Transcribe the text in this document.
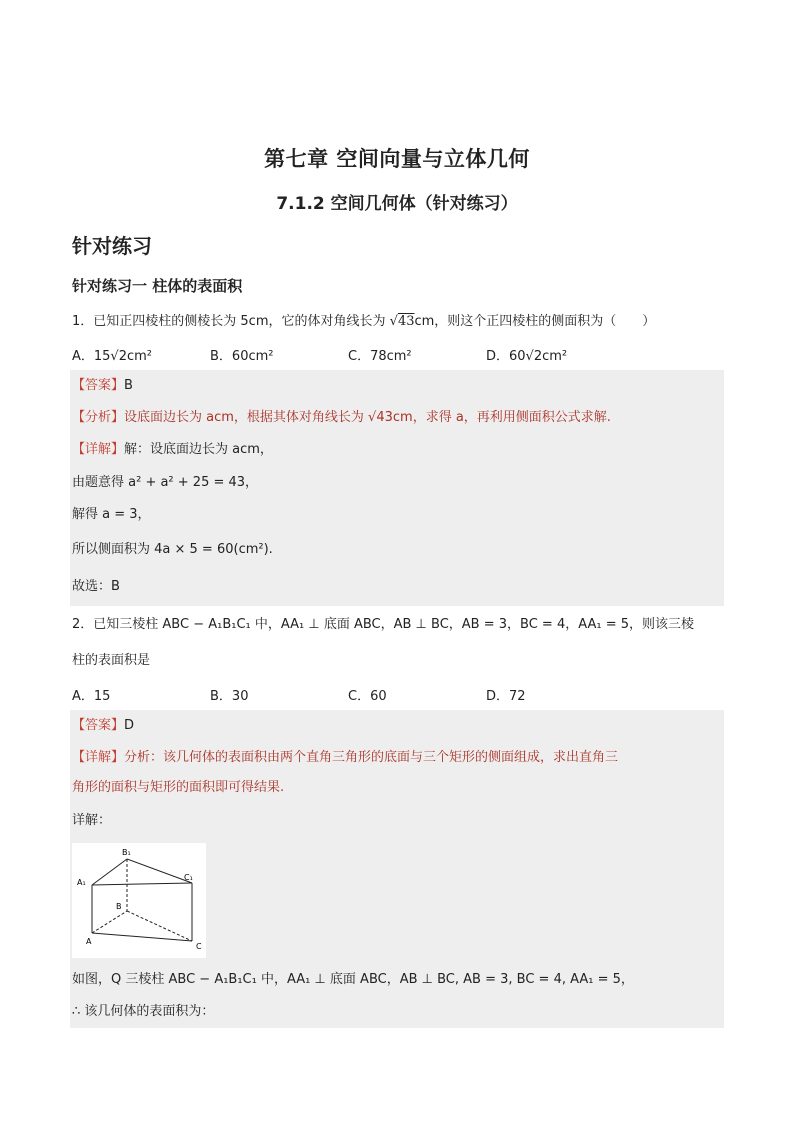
第七章 空间向量与立体几何
7.1.2 空间几何体（针对练习）
针对练习
针对练习一 柱体的表面积
1．已知正四棱柱的侧棱长为 5cm，它的体对角线长为 √43cm，则这个正四棱柱的侧面积为（　　）
A．15√2cm²	B．60cm²	C．78cm²	D．60√2cm²
【答案】B
【分析】设底面边长为 acm，根据其体对角线长为 √43cm，求得 a，再利用侧面积公式求解.
【详解】解：设底面边长为 acm，
由题意得 a² + a² + 25 = 43，
解得 a = 3，
所以侧面积为 4a × 5 = 60(cm²).
故选：B
2．已知三棱柱 ABC − A₁B₁C₁ 中，AA₁ ⊥ 底面 ABC，AB ⊥ BC，AB = 3，BC = 4，AA₁ = 5，则该三棱
柱的表面积是
A．15	B．30	C．60	D．72
【答案】D
【详解】分析：该几何体的表面积由两个直角三角形的底面与三个矩形的侧面组成，求出直角三
角形的面积与矩形的面积即可得结果.
详解：
B₁
A₁
C₁
B
A
C
如图，Q 三棱柱 ABC − A₁B₁C₁ 中，AA₁ ⊥ 底面 ABC，AB ⊥ BC, AB = 3, BC = 4, AA₁ = 5，
∴ 该几何体的表面积为：
